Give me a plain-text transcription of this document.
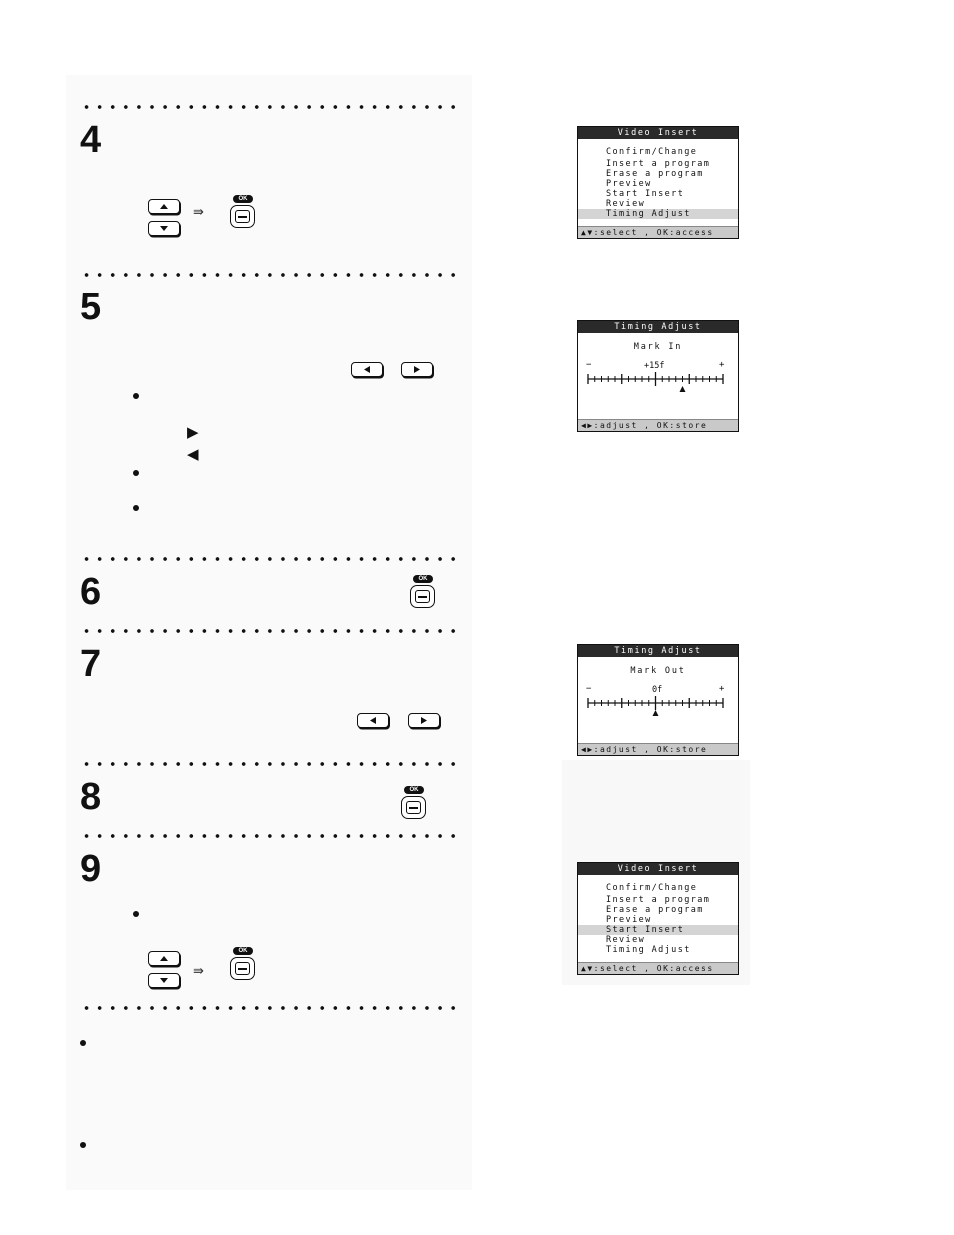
4
5
6
7
8
9
⇛
OK
▶
◀
OK
OK
⇛
OK
Video Insert
Confirm∕Change
Insert a program
Erase a program
Preview
Start Insert
Review
Timing Adjust
▲▼:select , OK:access
Timing Adjust
Mark In
−	+
+15f
◀▶:adjust , OK:store
Timing Adjust
Mark Out
−	+
0f
◀▶:adjust , OK:store
Video Insert
Confirm∕Change
Insert a program
Erase a program
Preview
Start Insert
Review
Timing Adjust
▲▼:select , OK:access
